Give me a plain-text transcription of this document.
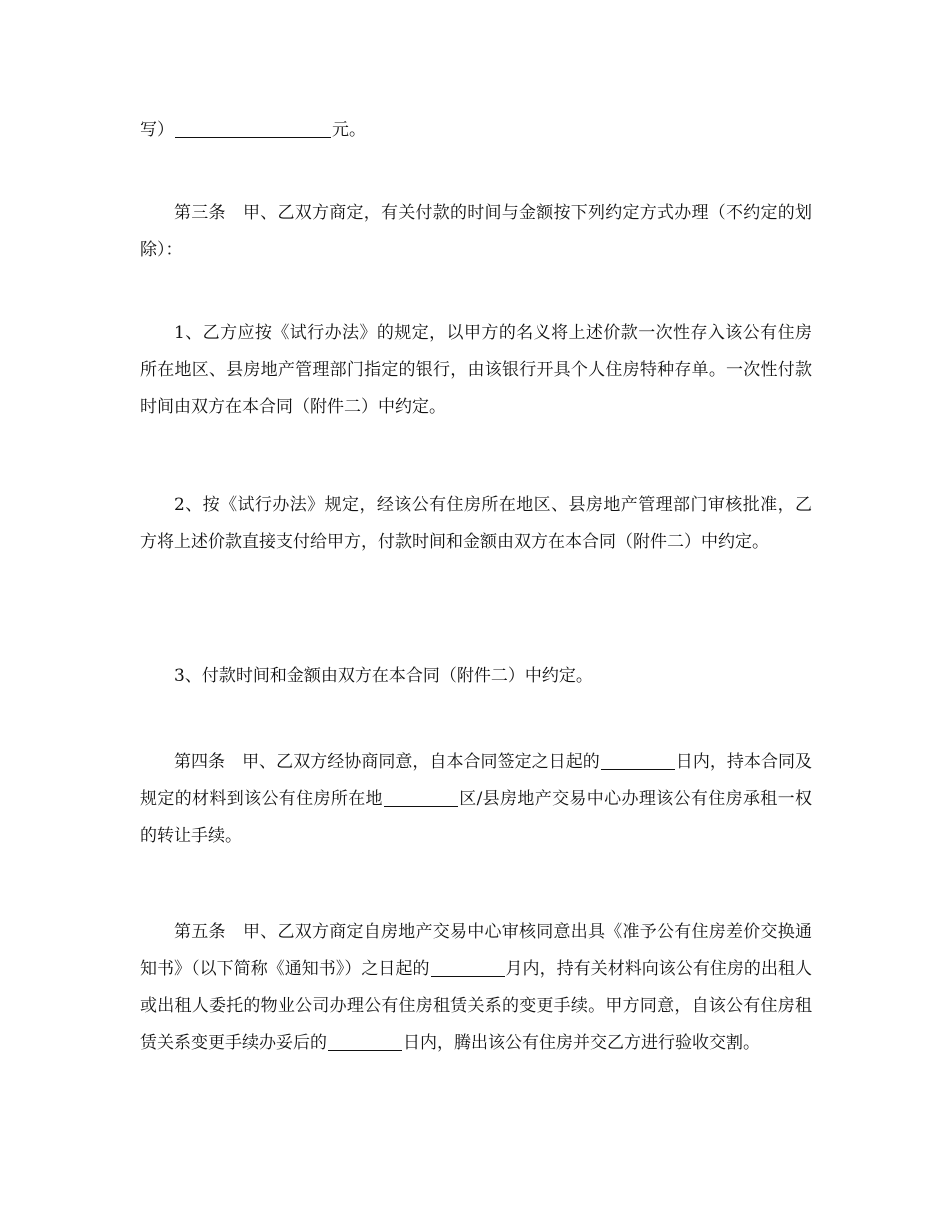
写）	元。

第三条　甲、乙双方商定，有关付款的时间与金额按下列约定方式办理（不约定的划除）：

1、乙方应按《试行办法》的规定，以甲方的名义将上述价款一次性存入该公有住房所在地区、县房地产管理部门指定的银行，由该银行开具个人住房特种存单。一次性付款时间由双方在本合同（附件二）中约定。

2、按《试行办法》规定，经该公有住房所在地区、县房地产管理部门审核批准，乙方将上述价款直接支付给甲方，付款时间和金额由双方在本合同（附件二）中约定。

3、付款时间和金额由双方在本合同（附件二）中约定。

第四条　甲、乙双方经协商同意，自本合同签定之日起的	日内，持本合同及规定的材料到该公有住房所在地	区/县房地产交易中心办理该公有住房承租一权的转让手续。

第五条　甲、乙双方商定自房地产交易中心审核同意出具《准予公有住房差价交换通知书》（以下简称《通知书》）之日起的	月内，持有关材料向该公有住房的出租人或出租人委托的物业公司办理公有住房租赁关系的变更手续。甲方同意，自该公有住房租赁关系变更手续办妥后的	日内，腾出该公有住房并交乙方进行验收交割。
